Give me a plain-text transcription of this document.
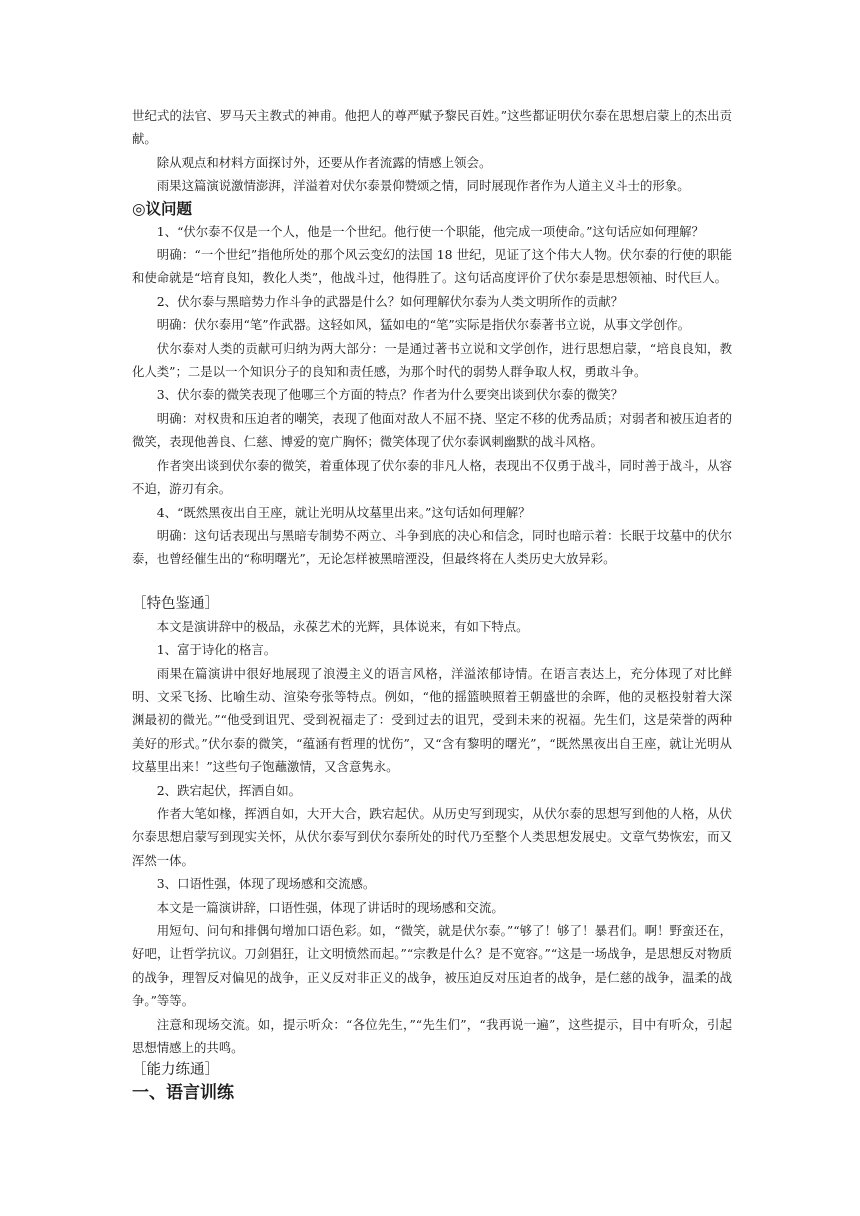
世纪式的法官、罗马天主教式的神甫。他把人的尊严赋予黎民百姓。”这些都证明伏尔泰在思想启蒙上的杰出贡献。

除从观点和材料方面探讨外，还要从作者流露的情感上领会。

雨果这篇演说激情澎湃，洋溢着对伏尔泰景仰赞颂之情，同时展现作者作为人道主义斗士的形象。

◎议问题

1、“伏尔泰不仅是一个人，他是一个世纪。他行使一个职能，他完成一项使命。”这句话应如何理解？

明确：“一个世纪”指他所处的那个风云变幻的法国 18 世纪，见证了这个伟大人物。伏尔泰的行使的职能和使命就是“培育良知，教化人类”，他战斗过，他得胜了。这句话高度评价了伏尔泰是思想领袖、时代巨人。

2、伏尔泰与黑暗势力作斗争的武器是什么？如何理解伏尔泰为人类文明所作的贡献？

明确：伏尔泰用“笔”作武器。这轻如风，猛如电的“笔”实际是指伏尔泰著书立说，从事文学创作。

伏尔泰对人类的贡献可归纳为两大部分：一是通过著书立说和文学创作，进行思想启蒙，“培良良知，教化人类”；二是以一个知识分子的良知和责任感，为那个时代的弱势人群争取人权，勇敢斗争。

3、伏尔泰的微笑表现了他哪三个方面的特点？作者为什么要突出谈到伏尔泰的微笑？

明确：对权贵和压迫者的嘲笑，表现了他面对敌人不屈不挠、坚定不移的优秀品质；对弱者和被压迫者的微笑，表现他善良、仁慈、博爱的宽广胸怀；微笑体现了伏尔泰讽刺幽默的战斗风格。

作者突出谈到伏尔泰的微笑，着重体现了伏尔泰的非凡人格，表现出不仅勇于战斗，同时善于战斗，从容不迫，游刃有余。

4、“既然黑夜出自王座，就让光明从坟墓里出来。”这句话如何理解？

明确：这句话表现出与黑暗专制势不两立、斗争到底的决心和信念，同时也暗示着：长眠于坟墓中的伏尔泰，也曾经催生出的“称明曙光”，无论怎样被黑暗湮没，但最终将在人类历史大放异彩。

［特色鉴通］

本文是演讲辞中的极品，永葆艺术的光辉，具体说来，有如下特点。

1、富于诗化的格言。

雨果在篇演讲中很好地展现了浪漫主义的语言风格，洋溢浓郁诗情。在语言表达上，充分体现了对比鲜明、文采飞扬、比喻生动、渲染夸张等特点。例如，“他的摇篮映照着王朝盛世的余晖，他的灵柩投射着大深渊最初的微光。”“他受到诅咒、受到祝福走了：受到过去的诅咒，受到未来的祝福。先生们，这是荣誉的两种美好的形式。”伏尔泰的微笑，“蕴涵有哲理的忧伤”，又“含有黎明的曙光”，“既然黑夜出自王座，就让光明从坟墓里出来！”这些句子饱蘸激情，又含意隽永。

2、跌宕起伏，挥洒自如。

作者大笔如椽，挥洒自如，大开大合，跌宕起伏。从历史写到现实，从伏尔泰的思想写到他的人格，从伏尔泰思想启蒙写到现实关怀，从伏尔泰写到伏尔泰所处的时代乃至整个人类思想发展史。文章气势恢宏，而又浑然一体。

3、口语性强，体现了现场感和交流感。

本文是一篇演讲辞，口语性强，体现了讲话时的现场感和交流。

用短句、问句和排偶句增加口语色彩。如，“微笑，就是伏尔泰。”“够了！够了！暴君们。啊！野蛮还在，好吧，让哲学抗议。刀剑猖狂，让文明愤然而起。”“宗教是什么？是不宽容。”“这是一场战争，是思想反对物质的战争，理智反对偏见的战争，正义反对非正义的战争，被压迫反对压迫者的战争，是仁慈的战争，温柔的战争。”等等。

注意和现场交流。如，提示听众：“各位先生，”“先生们”，“我再说一遍”，这些提示，目中有听众，引起思想情感上的共鸣。

［能力练通］

一、语言训练
